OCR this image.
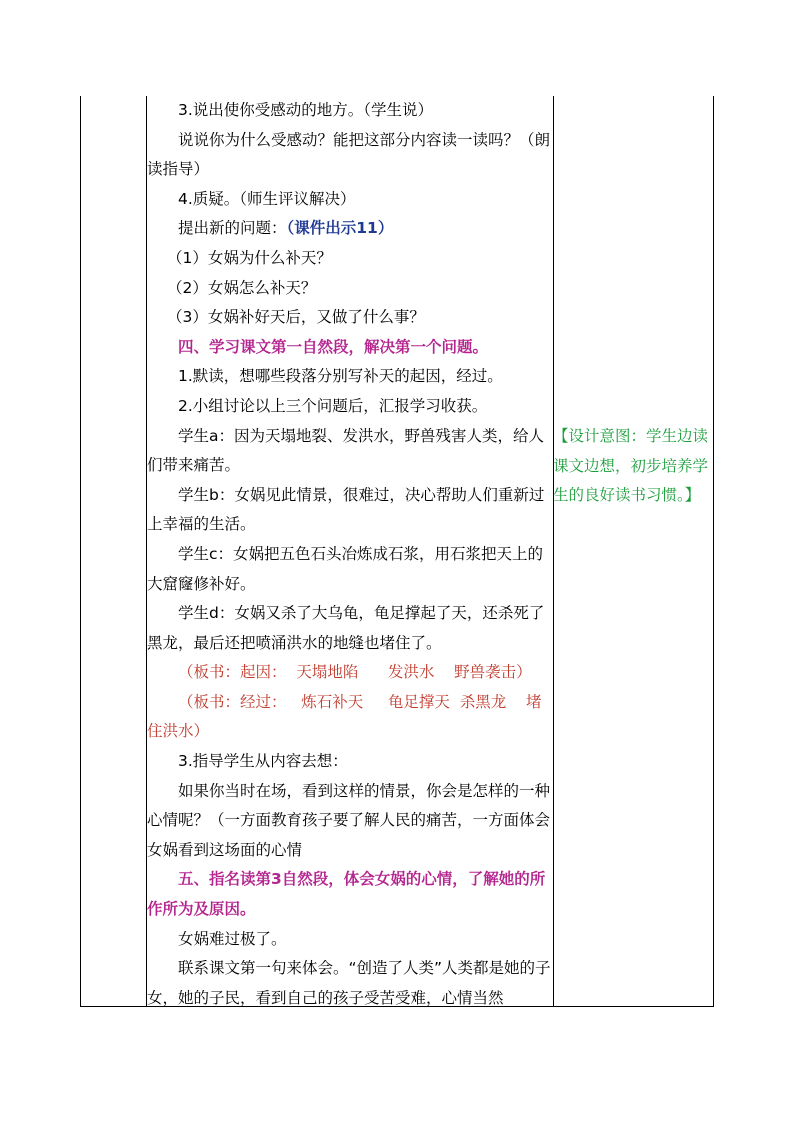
3.说出使你受感动的地方。（学生说）

说说你为什么受感动？能把这部分内容读一读吗？（朗读指导）

4.质疑。（师生评议解决）

提出新的问题：（课件出示11）

（1）女娲为什么补天？

（2）女娲怎么补天？

（3）女娲补好天后，又做了什么事？

四、学习课文第一自然段，解决第一个问题。

1.默读，想哪些段落分别写补天的起因，经过。

2.小组讨论以上三个问题后，汇报学习收获。

学生a：因为天塌地裂、发洪水，野兽残害人类，给人们带来痛苦。

学生b：女娲见此情景，很难过，决心帮助人们重新过上幸福的生活。

学生c：女娲把五色石头冶炼成石浆，用石浆把天上的大窟窿修补好。

学生d：女娲又杀了大乌龟，龟足撑起了天，还杀死了黑龙，最后还把喷涌洪水的地缝也堵住了。

（板书：起因：  天塌地陷      发洪水    野兽袭击）

（板书：经过：   炼石补天     龟足撑天  杀黑龙    堵住洪水）

3.指导学生从内容去想：

如果你当时在场，看到这样的情景，你会是怎样的一种心情呢？（一方面教育孩子要了解人民的痛苦，一方面体会女娲看到这场面的心情

五、指名读第3自然段，体会女娲的心情，了解她的所作所为及原因。

女娲难过极了。

联系课文第一句来体会。“创造了人类”人类都是她的子女，她的子民，看到自己的孩子受苦受难，心情当然

【设计意图：学生边读课文边想，初步培养学生的良好读书习惯。】
